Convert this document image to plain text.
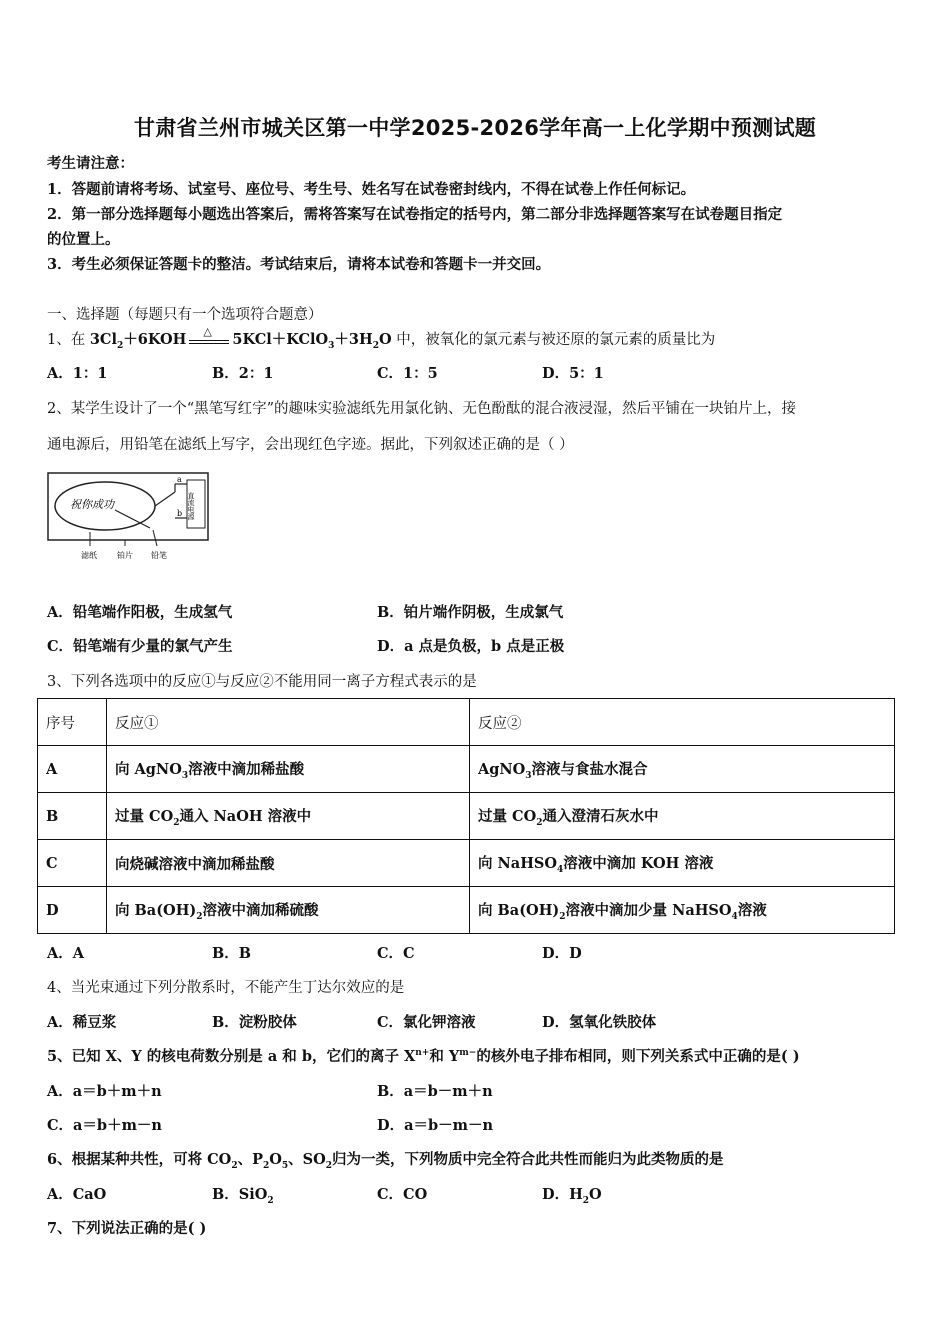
甘肃省兰州市城关区第一中学2025-2026学年高一上化学期中预测试题
考生请注意：
1．答题前请将考场、试室号、座位号、考生号、姓名写在试卷密封线内，不得在试卷上作任何标记。
2．第一部分选择题每小题选出答案后，需将答案写在试卷指定的括号内，第二部分非选择题答案写在试卷题目指定
的位置上。
3．考生必须保证答题卡的整洁。考试结束后，请将本试卷和答题卡一并交回。
一、选择题（每题只有一个选项符合题意）
1、在 $3Cl_2+6KOH$ △ $5KCl+KClO_3+3H_2O$ 中，被氧化的氯元素与被还原的氯元素的质量比为
A．1：1	B．2：1	C．1：5	D．5：1
2、某学生设计了一个“黑笔写红字”的趣味实验滤纸先用氯化钠、无色酚酞的混合液浸湿，然后平铺在一块铂片上，接
通电源后，用铅笔在滤纸上写字，会出现红色字迹。据此，下列叙述正确的是（ ）
祝你成功
a
b 直流电源
滤纸	铂片 铅笔
A．铅笔端作阳极，生成氢气	B．铂片端作阴极，生成氯气
C．铅笔端有少量的氯气产生	D．a 点是负极，b 点是正极
3、下列各选项中的反应①与反应②不能用同一离子方程式表示的是
序号	反应①	反应②
A	向 AgNO$_3$溶液中滴加稀盐酸	AgNO$_3$溶液与食盐水混合
B	过量 $CO_2$通入 NaOH 溶液中	过量 $CO_2$通入澄清石灰水中
C	向烧碱溶液中滴加稀盐酸	向 NaHSO$_4$溶液中滴加 KOH 溶液
D	向 $Ba(OH)_2$溶液中滴加稀硫酸	向 $Ba(OH)_2$溶液中滴加少量 NaHSO$_4$溶液
A．A	B．B	C．C	D．D
4、当光束通过下列分散系时，不能产生丁达尔效应的是
A．稀豆浆	B．淀粉胶体	C．氯化钾溶液	D．氢氧化铁胶体
5、已知 X、Y 的核电荷数分别是 a 和 b，它们的离子 $X^{n+}$和 $Y^{m-}$的核外电子排布相同，则下列关系式中正确的是( )
A．a＝b＋m＋n	B．a＝b－m＋n
C．a＝b＋m－n	D．a＝b－m－n
6、根据某种共性，可将 $CO_2$、$P_2O_5$、$SO_2$归为一类，下列物质中完全符合此共性而能归为此类物质的是
A．CaO	B．SiO$_2$	C．CO	D．$H_2O$
7、下列说法正确的是( )
